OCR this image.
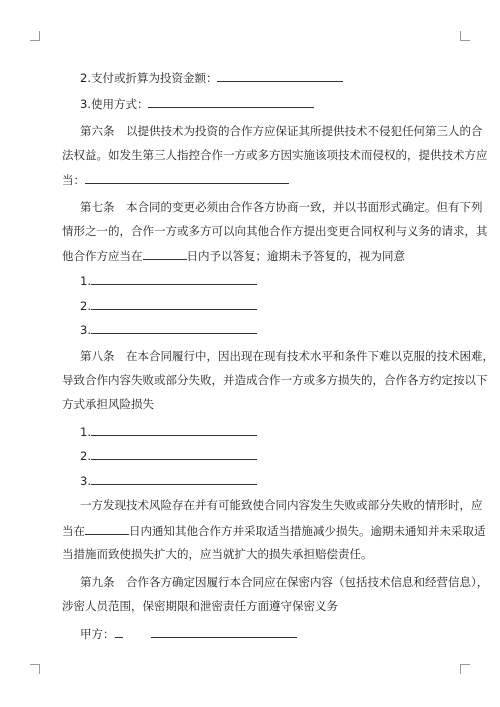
2.支付或折算为投资金额：
3.使用方式：
第六条　以提供技术为投资的合作方应保证其所提供技术不侵犯任何第三人的合
法权益。如发生第三人指控合作一方或多方因实施该项技术而侵权的，提供技术方应
当：
第七条　本合同的变更必须由合作各方协商一致，并以书面形式确定。但有下列
情形之一的，合作一方或多方可以向其他合作方提出变更合同权利与义务的请求，其
他合作方应当在	日内予以答复；逾期未予答复的，视为同意
1.
2.
3.
第八条　在本合同履行中，因出现在现有技术水平和条件下难以克服的技术困难，
导致合作内容失败或部分失败，并造成合作一方或多方损失的，合作各方约定按以下
方式承担风险损失
1.
2.
3.
一方发现技术风险存在并有可能致使合同内容发生失败或部分失败的情形时，应
当在	日内通知其他合作方并采取适当措施减少损失。逾期未通知并未采取适
当措施而致使损失扩大的，应当就扩大的损失承担赔偿责任。
第九条　合作各方确定因履行本合同应在保密内容（包括技术信息和经营信息），
涉密人员范围，保密期限和泄密责任方面遵守保密义务
甲方：
